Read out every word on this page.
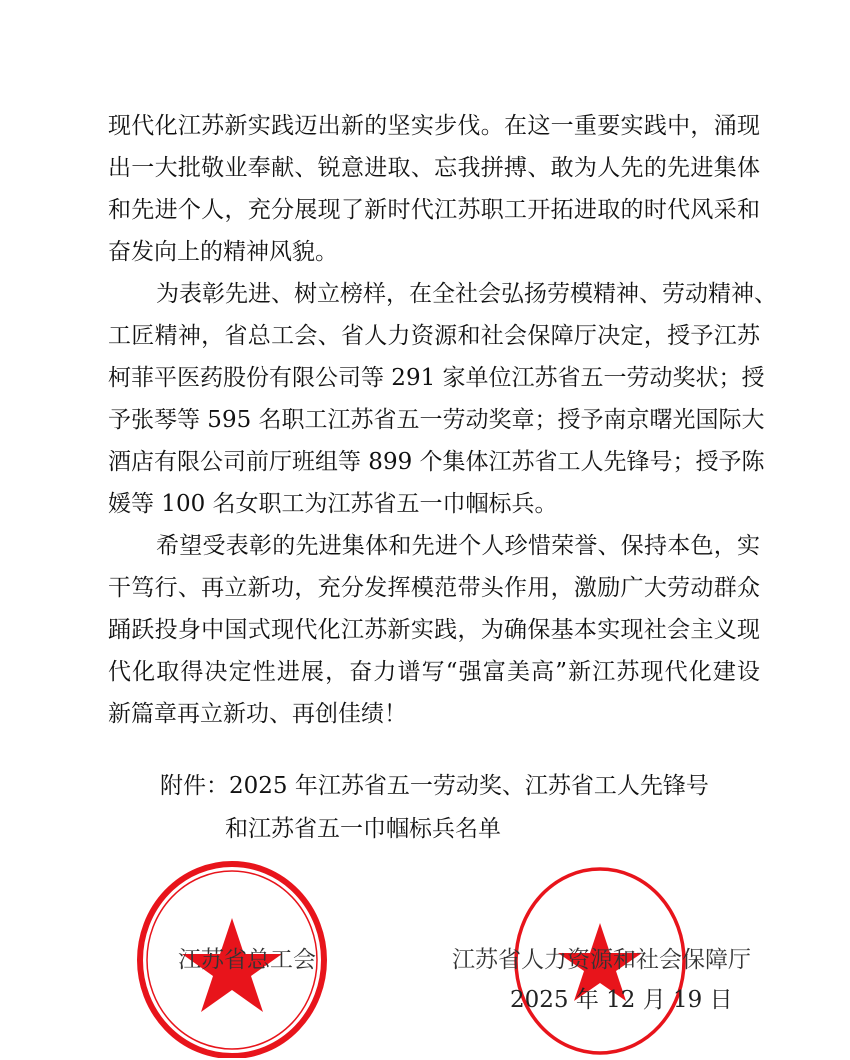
现代化江苏新实践迈出新的坚实步伐。在这一重要实践中，涌现
出一大批敬业奉献、锐意进取、忘我拼搏、敢为人先的先进集体
和先进个人，充分展现了新时代江苏职工开拓进取的时代风采和
奋发向上的精神风貌。
为表彰先进、树立榜样，在全社会弘扬劳模精神、劳动精神、
工匠精神，省总工会、省人力资源和社会保障厅决定，授予江苏
柯菲平医药股份有限公司等 291 家单位江苏省五一劳动奖状；授
予张琴等 595 名职工江苏省五一劳动奖章；授予南京曙光国际大
酒店有限公司前厅班组等 899 个集体江苏省工人先锋号；授予陈
媛等 100 名女职工为江苏省五一巾帼标兵。
希望受表彰的先进集体和先进个人珍惜荣誉、保持本色，实
干笃行、再立新功，充分发挥模范带头作用，激励广大劳动群众
踊跃投身中国式现代化江苏新实践，为确保基本实现社会主义现
代化取得决定性进展，奋力谱写“强富美高”新江苏现代化建设
新篇章再立新功、再创佳绩！
附件：2025 年江苏省五一劳动奖、江苏省工人先锋号
和江苏省五一巾帼标兵名单
江苏省总工会	江苏省人力资源和社会保障厅
2025 年 12 月 19 日
